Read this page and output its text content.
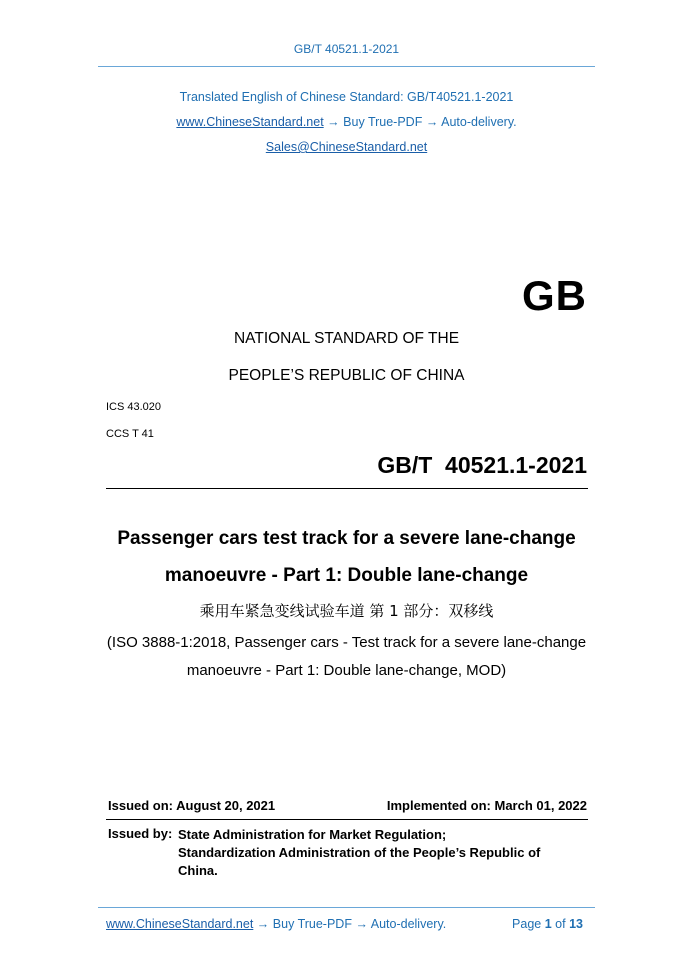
GB/T 40521.1-2021
Translated English of Chinese Standard: GB/T40521.1-2021
www.ChineseStandard.net → Buy True-PDF → Auto-delivery.
Sales@ChineseStandard.net
GB
NATIONAL STANDARD OF THE
PEOPLE’S REPUBLIC OF CHINA
ICS 43.020
CCS T 41
GB/T  40521.1-2021
Passenger cars test track for a severe lane-change
manoeuvre - Part 1: Double lane-change
乘用车紧急变线试验车道 第 1 部分：双移线
(ISO 3888-1:2018, Passenger cars - Test track for a severe lane-change
manoeuvre - Part 1: Double lane-change, MOD)
Issued on: August 20, 2021	Implemented on: March 01, 2022
Issued by: State Administration for Market Regulation;
Standardization Administration of the People’s Republic of
China.
www.ChineseStandard.net → Buy True-PDF → Auto-delivery.	Page 1 of 13
